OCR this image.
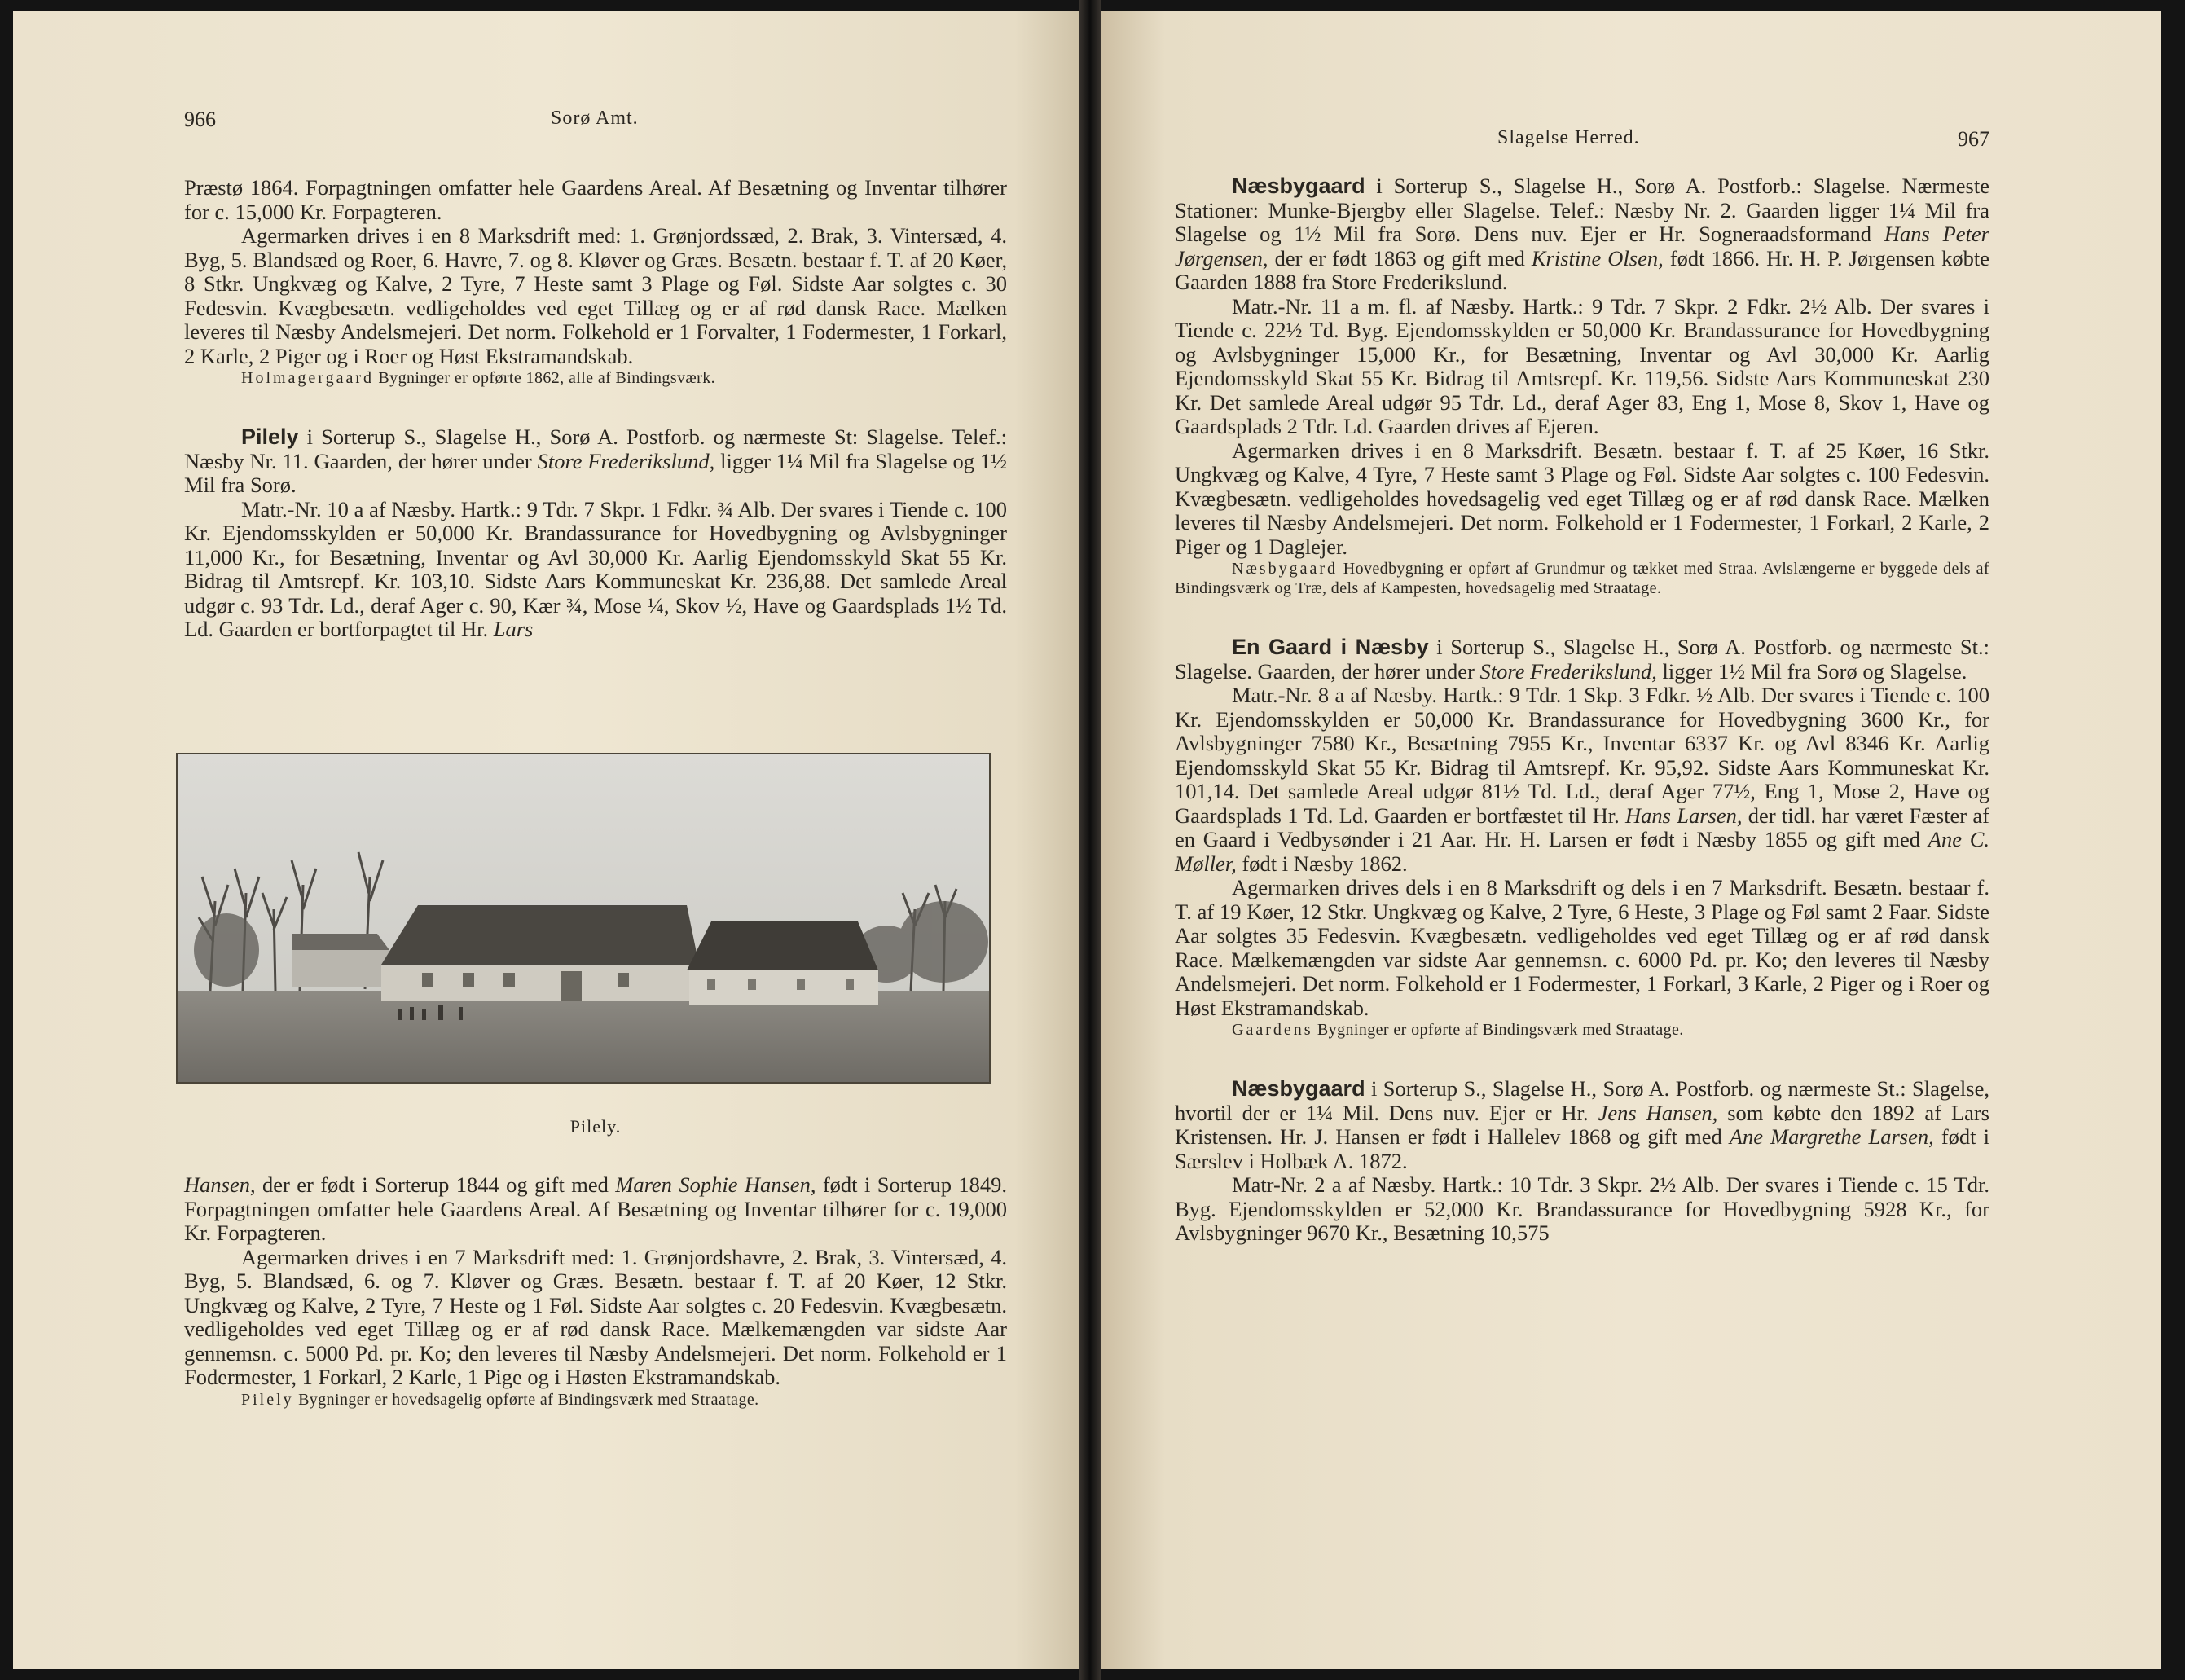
966	Sorø Amt.

Præstø 1864. Forpagtningen omfatter hele Gaardens Areal. Af Besætning og Inventar tilhører for c. 15,000 Kr. Forpagteren.

Agermarken drives i en 8 Marksdrift med: 1. Grønjordssæd, 2. Brak, 3. Vintersæd, 4. Byg, 5. Blandsæd og Roer, 6. Havre, 7. og 8. Kløver og Græs. Besætn. bestaar f. T. af 20 Køer, 8 Stkr. Ungkvæg og Kalve, 2 Tyre, 7 Heste samt 3 Plage og Føl. Sidste Aar solgtes c. 30 Fedesvin. Kvægbesætn. vedligeholdes ved eget Tillæg og er af rød dansk Race. Mælken leveres til Næsby Andelsmejeri. Det norm. Folkehold er 1 Forvalter, 1 Fodermester, 1 Forkarl, 2 Karle, 2 Piger og i Roer og Høst Ekstramandskab.

Holmagergaard Bygninger er opførte 1862, alle af Bindingsværk.

Pilely i Sorterup S., Slagelse H., Sorø A. Postforb. og nærmeste St: Slagelse. Telef.: Næsby Nr. 11. Gaarden, der hører under Store Frederikslund, ligger 1¼ Mil fra Slagelse og 1½ Mil fra Sorø.

Matr.-Nr. 10 a af Næsby. Hartk.: 9 Tdr. 7 Skpr. 1 Fdkr. ¾ Alb. Der svares i Tiende c. 100 Kr. Ejendomsskylden er 50,000 Kr. Brandassurance for Hovedbygning og Avlsbygninger 11,000 Kr., for Besætning, Inventar og Avl 30,000 Kr. Aarlig Ejendomsskyld Skat 55 Kr. Bidrag til Amtsrepf. Kr. 103,10. Sidste Aars Kommuneskat Kr. 236,88. Det samlede Areal udgør c. 93 Tdr. Ld., deraf Ager c. 90, Kær ¾, Mose ¼, Skov ½, Have og Gaardsplads 1½ Td. Ld. Gaarden er bortforpagtet til Hr. Lars

Pilely.

Hansen, der er født i Sorterup 1844 og gift med Maren Sophie Hansen, født i Sorterup 1849. Forpagtningen omfatter hele Gaardens Areal. Af Besætning og Inventar tilhører for c. 19,000 Kr. Forpagteren.

Agermarken drives i en 7 Marksdrift med: 1. Grønjordshavre, 2. Brak, 3. Vintersæd, 4. Byg, 5. Blandsæd, 6. og 7. Kløver og Græs. Besætn. bestaar f. T. af 20 Køer, 12 Stkr. Ungkvæg og Kalve, 2 Tyre, 7 Heste og 1 Føl. Sidste Aar solgtes c. 20 Fedesvin. Kvægbesætn. vedligeholdes ved eget Tillæg og er af rød dansk Race. Mælkemængden var sidste Aar gennemsn. c. 5000 Pd. pr. Ko; den leveres til Næsby Andelsmejeri. Det norm. Folkehold er 1 Fodermester, 1 Forkarl, 2 Karle, 1 Pige og i Høsten Ekstramandskab.

Pilely Bygninger er hovedsagelig opførte af Bindingsværk med Straatage.

Slagelse Herred.	967

Næsbygaard i Sorterup S., Slagelse H., Sorø A. Postforb.: Slagelse. Nærmeste Stationer: Munke-Bjergby eller Slagelse. Telef.: Næsby Nr. 2. Gaarden ligger 1¼ Mil fra Slagelse og 1½ Mil fra Sorø. Dens nuv. Ejer er Hr. Sogneraadsformand Hans Peter Jørgensen, der er født 1863 og gift med Kristine Olsen, født 1866. Hr. H. P. Jørgensen købte Gaarden 1888 fra Store Frederikslund.

Matr.-Nr. 11 a m. fl. af Næsby. Hartk.: 9 Tdr. 7 Skpr. 2 Fdkr. 2½ Alb. Der svares i Tiende c. 22½ Td. Byg. Ejendomsskylden er 50,000 Kr. Brandassurance for Hovedbygning og Avlsbygninger 15,000 Kr., for Besætning, Inventar og Avl 30,000 Kr. Aarlig Ejendomsskyld Skat 55 Kr. Bidrag til Amtsrepf. Kr. 119,56. Sidste Aars Kommuneskat 230 Kr. Det samlede Areal udgør 95 Tdr. Ld., deraf Ager 83, Eng 1, Mose 8, Skov 1, Have og Gaardsplads 2 Tdr. Ld. Gaarden drives af Ejeren.

Agermarken drives i en 8 Marksdrift. Besætn. bestaar f. T. af 25 Køer, 16 Stkr. Ungkvæg og Kalve, 4 Tyre, 7 Heste samt 3 Plage og Føl. Sidste Aar solgtes c. 100 Fedesvin. Kvægbesætn. vedligeholdes hovedsagelig ved eget Tillæg og er af rød dansk Race. Mælken leveres til Næsby Andelsmejeri. Det norm. Folkehold er 1 Fodermester, 1 Forkarl, 2 Karle, 2 Piger og 1 Daglejer.

Næsbygaard Hovedbygning er opført af Grundmur og tækket med Straa. Avlslængerne er byggede dels af Bindingsværk og Træ, dels af Kampesten, hovedsagelig med Straatage.

En Gaard i Næsby i Sorterup S., Slagelse H., Sorø A. Postforb. og nærmeste St.: Slagelse. Gaarden, der hører under Store Frederikslund, ligger 1½ Mil fra Sorø og Slagelse.

Matr.-Nr. 8 a af Næsby. Hartk.: 9 Tdr. 1 Skp. 3 Fdkr. ½ Alb. Der svares i Tiende c. 100 Kr. Ejendomsskylden er 50,000 Kr. Brandassurance for Hovedbygning 3600 Kr., for Avlsbygninger 7580 Kr., Besætning 7955 Kr., Inventar 6337 Kr. og Avl 8346 Kr. Aarlig Ejendomsskyld Skat 55 Kr. Bidrag til Amtsrepf. Kr. 95,92. Sidste Aars Kommuneskat Kr. 101,14. Det samlede Areal udgør 81½ Td. Ld., deraf Ager 77½, Eng 1, Mose 2, Have og Gaardsplads 1 Td. Ld. Gaarden er bortfæstet til Hr. Hans Larsen, der tidl. har været Fæster af en Gaard i Vedbysønder i 21 Aar. Hr. H. Larsen er født i Næsby 1855 og gift med Ane C. Møller, født i Næsby 1862.

Agermarken drives dels i en 8 Marksdrift og dels i en 7 Marksdrift. Besætn. bestaar f. T. af 19 Køer, 12 Stkr. Ungkvæg og Kalve, 2 Tyre, 6 Heste, 3 Plage og Føl samt 2 Faar. Sidste Aar solgtes 35 Fedesvin. Kvægbesætn. vedligeholdes ved eget Tillæg og er af rød dansk Race. Mælkemængden var sidste Aar gennemsn. c. 6000 Pd. pr. Ko; den leveres til Næsby Andelsmejeri. Det norm. Folkehold er 1 Fodermester, 1 Forkarl, 3 Karle, 2 Piger og i Roer og Høst Ekstramandskab.

Gaardens Bygninger er opførte af Bindingsværk med Straatage.

Næsbygaard i Sorterup S., Slagelse H., Sorø A. Postforb. og nærmeste St.: Slagelse, hvortil der er 1¼ Mil. Dens nuv. Ejer er Hr. Jens Hansen, som købte den 1892 af Lars Kristensen. Hr. J. Hansen er født i Hallelev 1868 og gift med Ane Margrethe Larsen, født i Særslev i Holbæk A. 1872.

Matr-Nr. 2 a af Næsby. Hartk.: 10 Tdr. 3 Skpr. 2½ Alb. Der svares i Tiende c. 15 Tdr. Byg. Ejendomsskylden er 52,000 Kr. Brandassurance for Hovedbygning 5928 Kr., for Avlsbygninger 9670 Kr., Besætning 10,575
